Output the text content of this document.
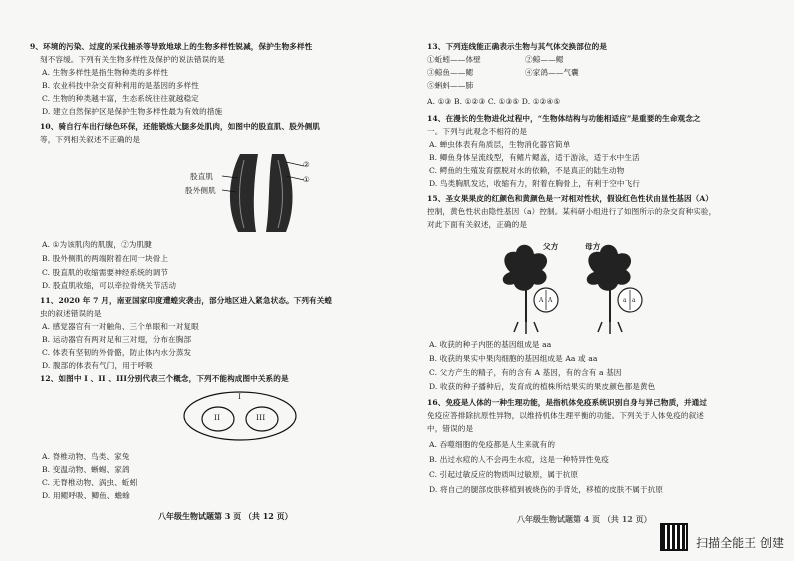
9、环境的污染、过度的采伐捕杀等导致地球上的生物多样性锐减，保护生物多样性
刻不容缓。下列有关生物多样性及保护的说法错误的是
A. 生物多样性是指生物种类的多样性
B. 农业科技中杂交育种利用的是基因的多样性
C. 生物的种类越丰富，生态系统往往就越稳定
D. 建立自然保护区是保护生物多样性最为有效的措施
10、骑自行车出行绿色环保，还能锻炼大腿多处肌肉，如图中的股直肌、股外侧肌
等，下列相关叙述不正确的是
②
①
股直肌
股外侧肌
A. ①为该肌肉的肌腹，②为肌腱
B. 股外侧肌的两端附着在同一块骨上
C. 股直肌的收缩需要神经系统的调节
D. 股直肌收缩，可以牵拉骨绕关节活动
11、2020 年 7 月，南亚国家印度遭蝗灾袭击，部分地区进入紧急状态。下列有关蝗
虫的叙述错误的是
A. 感觉器官有一对触角、三个单眼和一对复眼
B. 运动器官有两对足和三对翅，分布在胸部
C. 体表有坚韧的外骨骼，防止体内水分蒸发
D. 腹部的体表有气门，用于呼吸
12、如图中 I 、II 、III分别代表三个概念，下列不能构成图中关系的是
I
II	III
A. 脊椎动物、鸟类、家兔
B. 变温动物、蜥蜴、家鸽
C. 无脊椎动物、涡虫、蚯蚓
D. 用鳃呼吸、鲫鱼、蟾蜍
八年级生物试题第 3 页 （共 12 页）
13、下列连线能正确表示生物与其气体交换部位的是
①蚯蚓——体壁	②鲸——鳃
③鲸鱼——鳃	④家鸽——气囊
⑤蝌蚪——肺
A. ①③ B. ①②③ C. ①③⑤ D. ①②④⑤
14、在漫长的生物进化过程中，“生物体结构与功能相适应”是重要的生命观念之
一。下列与此观念不相符的是
A. 蝉虫体表有角质层，生物消化器官简单
B. 鲫鱼身体呈流线型，有鳍片鳃盖，适于游泳，适于水中生活
C. 鳄鱼的生殖发育摆脱对水的依赖，不是真正的陆生动物
D. 鸟类胸肌发达，收缩有力，附着在胸骨上，有利于空中飞行
15、圣女果果皮的红颜色和黄颜色是一对相对性状，假设红色性状由显性基因（A）
控制，黄色性状由隐性基因（a）控制。某科研小组进行了如图所示的杂交育种实验，
对此下面有关叙述，正确的是
父方	母方
A A	a a
A. 收获的种子内胚的基因组成是 aa
B. 收获的果实中果肉细胞的基因组成是 Aa 或 aa
C. 父方产生的精子，有的含有 A 基因，有的含有 a 基因
D. 收获的种子播种后，发育成的植株所结果实的果皮颜色都是黄色
16、免疫是人体的一种生理功能，是指机体免疫系统识别自身与异己物质，并通过
免疫应答排除抗原性异物，以维持机体生理平衡的功能。下列关于人体免疫的叙述
中，错误的是
A. 吞噬细胞的免疫都是人生来就有的
B. 出过水痘的人不会再生水痘，这是一种特异性免疫
C. 引起过敏反应的物质叫过敏原，属于抗原
D. 将自己的腿部皮肤移植到被烧伤的手背处，移植的皮肤不属于抗原
八年级生物试题第 4 页 （共 12 页）
扫描全能王 创建
